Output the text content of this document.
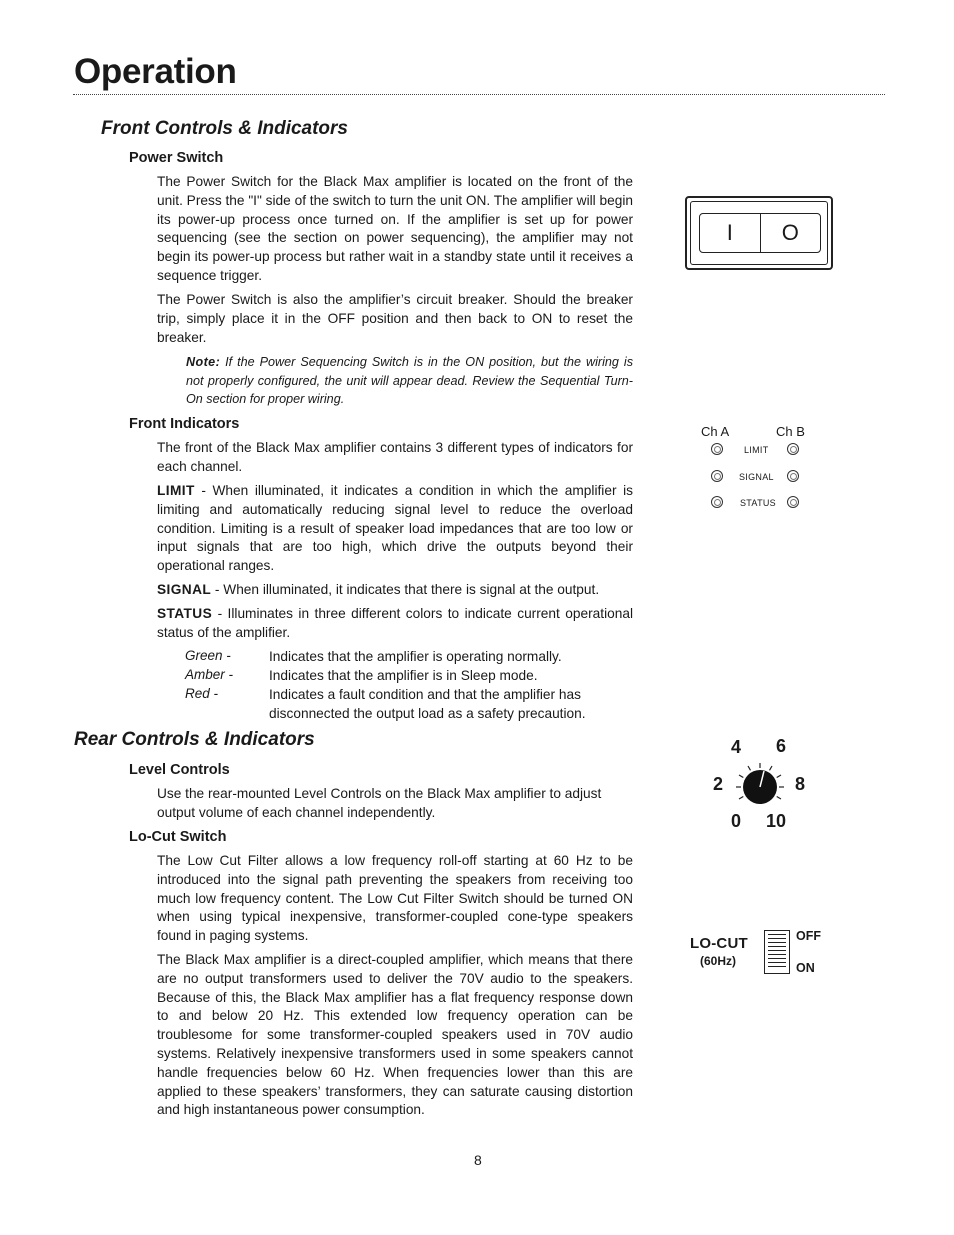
Operation
Front Controls & Indicators
Power Switch

The Power Switch for the Black Max amplifier is located on the front of the unit. Press the "I" side of the switch to turn the unit ON. The amplifier will begin its power-up process once turned on. If the amplifier is set up for power sequencing (see the section on power sequencing), the amplifier may not begin its power-up process but rather wait in a standby state until it receives a sequence trigger.

The Power Switch is also the amplifier’s circuit breaker. Should the breaker trip, simply place it in the OFF position and then back to ON to reset the breaker.

Note: If the Power Sequencing Switch is in the ON position, but the wiring is not properly configured, the unit will appear dead. Review the Sequential Turn-On section for proper wiring.

Front Indicators

The front of the Black Max amplifier contains 3 different types of indicators for each channel.

LIMIT - When illuminated, it indicates a condition in which the amplifier is limiting and automatically reducing signal level to reduce the overload condition. Limiting is a result of speaker load impedances that are too low or input signals that are too high, which drive the outputs beyond their operational ranges.

SIGNAL - When illuminated, it indicates that there is signal at the output.

STATUS - Illuminates in three different colors to indicate current operational status of the amplifier.

Green -	Indicates that the amplifier is operating normally.
Amber -	Indicates that the amplifier is in Sleep mode.
Red -	Indicates a fault condition and that the amplifier has disconnected the output load as a safety precaution.
Rear Controls & Indicators
Level Controls

Use the rear-mounted Level Controls on the Black Max amplifier to adjust output volume of each channel independently.

Lo-Cut Switch

The Low Cut Filter allows a low frequency roll-off starting at 60 Hz to be introduced into the signal path preventing the speakers from receiving too much low frequency content. The Low Cut Filter Switch should be turned ON when using typical inexpensive, transformer-coupled cone-type speakers found in paging systems.

The Black Max amplifier is a direct-coupled amplifier, which means that there are no output transformers used to deliver the 70V audio to the speakers. Because of this, the Black Max amplifier has a flat frequency response down to and below 20 Hz. This extended low frequency operation can be troublesome for some transformer-coupled speakers used in 70V audio systems. Relatively inexpensive transformers used in some speakers cannot handle frequencies below 60 Hz. When frequencies lower than this are applied to these speakers’ transformers, they can saturate causing distortion and high instantaneous power consumption.

8
I O
Ch A	Ch B
LIMIT
SIGNAL
STATUS
4 6
2	8
0 10
LO-CUT
(60Hz)
OFF
ON
